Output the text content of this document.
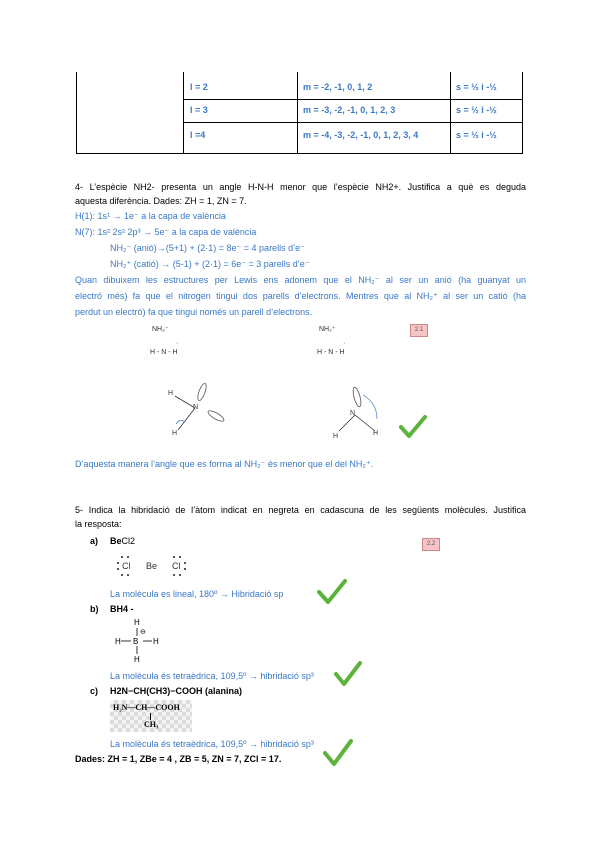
l = 2	m = -2, -1, 0, 1, 2	s = ½ i -½
l = 3	m = -3, -2, -1, 0, 1, 2, 3	s = ½ i -½
l =4	m = -4, -3, -2, -1, 0, 1, 2, 3, 4	s = ½ i -½
4- L’espècie NH2- presenta un angle H-N-H menor que l’espècie NH2+. Justifica a què es deguda
aquesta diferència. Dades: ZH = 1, ZN = 7.
H(1): 1s¹ → 1e⁻ a la capa de valència
N(7): 1s² 2s² 2p³ → 5e⁻ a la capa de valència
NH₂⁻ (anió)→(5+1) + (2·1) = 8e⁻ = 4 parells d’e⁻
NH₂⁺ (catió) → (5-1) + (2·1) = 6e⁻ = 3 parells d’e⁻
Quan dibuixem les estructures per Lewis ens adonem que el NH₂⁻ al ser un anió (ha guanyat un
electró més) fa que el nitrogen tingui dos parells d’electrons. Mentres que al NH₂⁺ al ser un catió (ha
perdut un electró) fa que tingui només un parell d’electrons.
NH₂⁻
H - N - H
NH₂⁺
H - N - H
·	·
2.1
H
N
H
N
H	H
D’aquesta manera l’angle que es forma al NH₂⁻ és menor que el del NH₂⁺.
5- Indica la hibridació de l’àtom indicat en negreta en cadascuna de les següents molècules. Justifica
la resposta:
2.2
a) BeCl2
Cl Be Cl
La molècula es lineal, 180º → Hibridació sp
b) BH4 -
H
H B
⊖
H
H
La molècula és tetraèdrica, 109,5º → hibridació sp³
c) H2N−CH(CH3)−COOH (alanina)
H₂N—CH—COOH
CH₃
La molècula és tetraèdrica, 109,5º → hibridació sp³
Dades: ZH = 1, ZBe = 4 , ZB = 5, ZN = 7, ZCl = 17.
